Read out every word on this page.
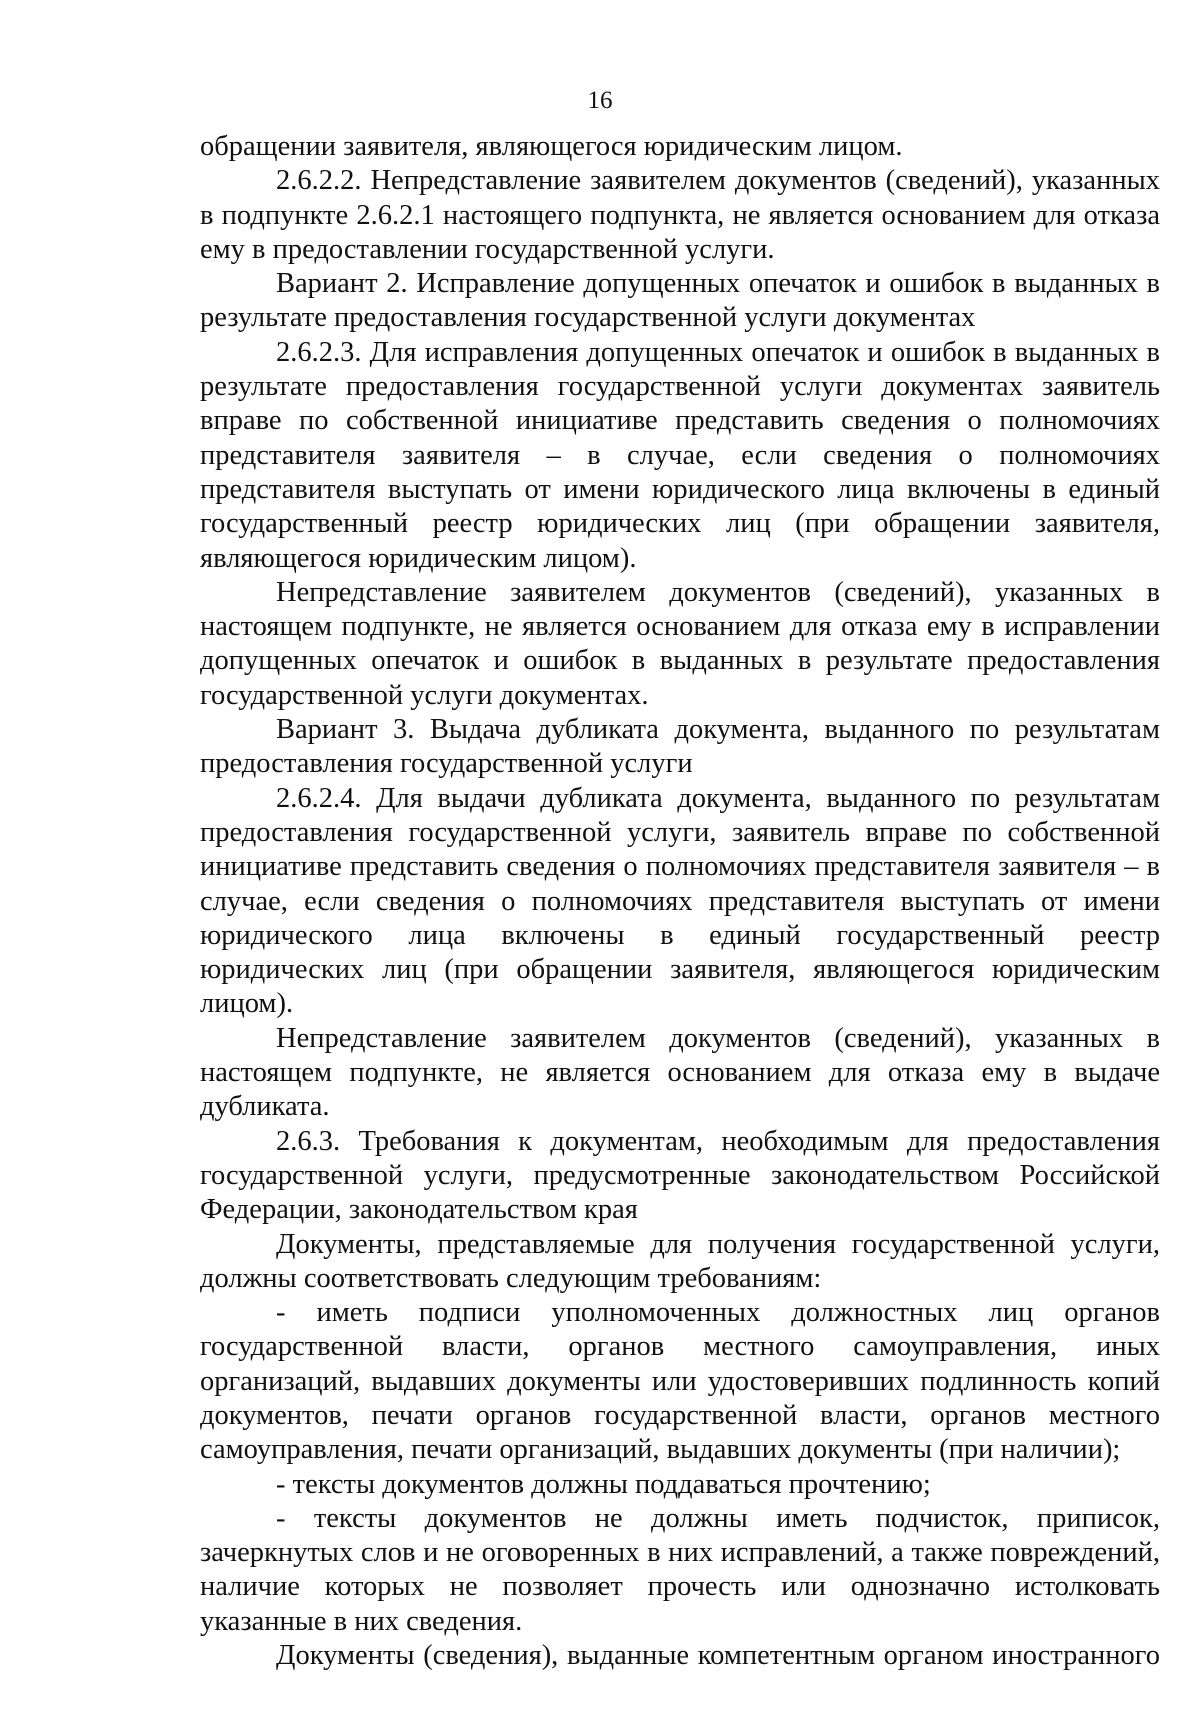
16

обращении заявителя, являющегося юридическим лицом.

2.6.2.2. Непредставление заявителем документов (сведений), указанных в подпункте 2.6.2.1 настоящего подпункта, не является основанием для отказа ему в предоставлении государственной услуги.

Вариант 2. Исправление допущенных опечаток и ошибок в выданных в результате предоставления государственной услуги документах

2.6.2.3. Для исправления допущенных опечаток и ошибок в выданных в результате предоставления государственной услуги документах заявитель вправе по собственной инициативе представить сведения о полномочиях представителя заявителя – в случае, если сведения о полномочиях представителя выступать от имени юридического лица включены в единый государственный реестр юридических лиц (при обращении заявителя, являющегося юридическим лицом).

Непредставление заявителем документов (сведений), указанных в настоящем подпункте, не является основанием для отказа ему в исправлении допущенных опечаток и ошибок в выданных в результате предоставления государственной услуги документах.

Вариант 3. Выдача дубликата документа, выданного по результатам предоставления государственной услуги

2.6.2.4. Для выдачи дубликата документа, выданного по результатам предоставления государственной услуги, заявитель вправе по собственной инициативе представить сведения о полномочиях представителя заявителя – в случае, если сведения о полномочиях представителя выступать от имени юридического лица включены в единый государственный реестр юридических лиц (при обращении заявителя, являющегося юридическим лицом).

Непредставление заявителем документов (сведений), указанных в настоящем подпункте, не является основанием для отказа ему в выдаче дубликата.

2.6.3. Требования к документам, необходимым для предоставления государственной услуги, предусмотренные законодательством Российской Федерации, законодательством края

Документы, представляемые для получения государственной услуги, должны соответствовать следующим требованиям:

- иметь подписи уполномоченных должностных лиц органов государственной власти, органов местного самоуправления, иных организаций, выдавших документы или удостоверивших подлинность копий документов, печати органов государственной власти, органов местного самоуправления, печати организаций, выдавших документы (при наличии);

- тексты документов должны поддаваться прочтению;

- тексты документов не должны иметь подчисток, приписок, зачеркнутых слов и не оговоренных в них исправлений, а также повреждений, наличие которых не позволяет прочесть или однозначно истолковать указанные в них сведения.

Документы (сведения), выданные компетентным органом иностранного
